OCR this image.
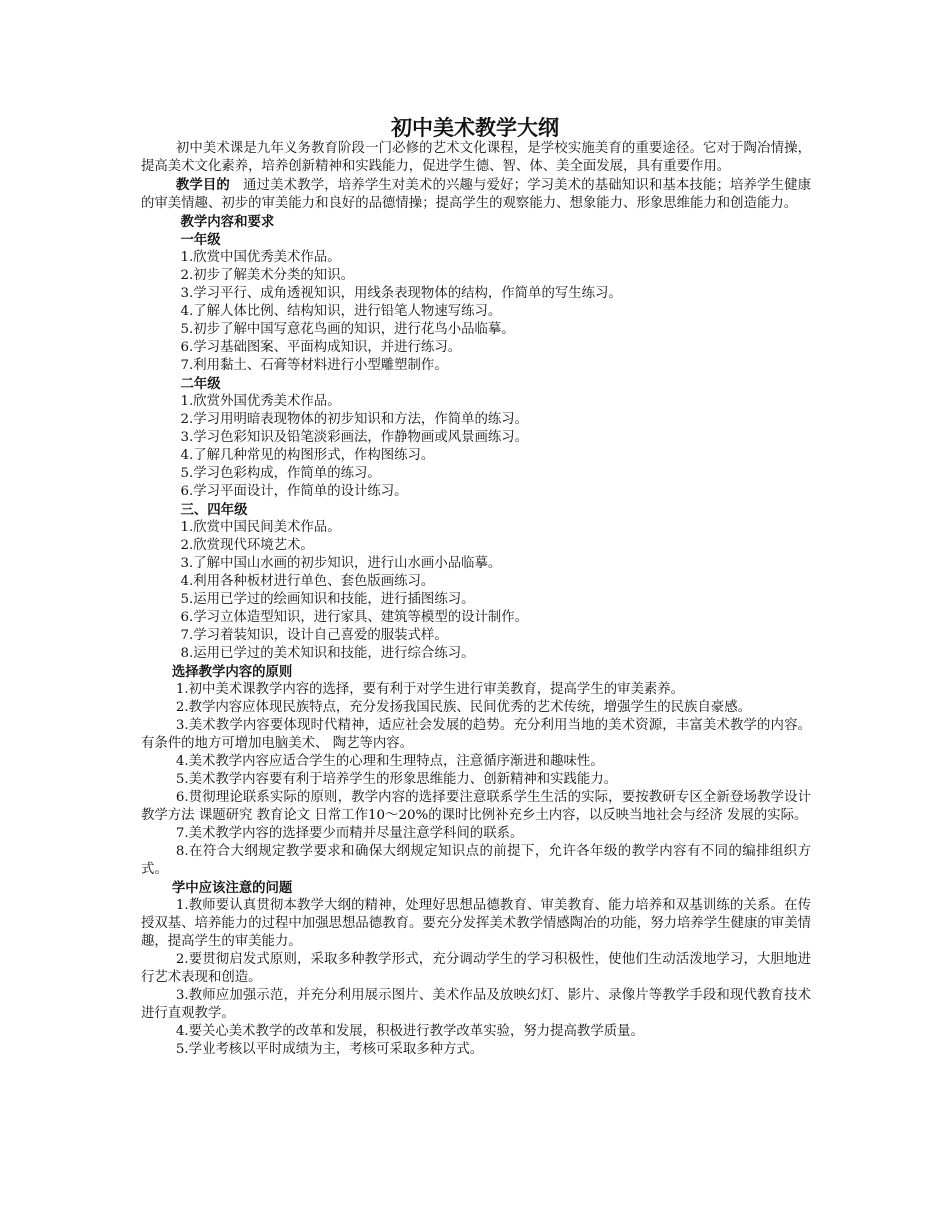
初中美术教学大纲

初中美术课是九年义务教育阶段一门必修的艺术文化课程，是学校实施美育的重要途径。它对于陶冶情操，提高美术文化素养，培养创新精神和实践能力，促进学生德、智、体、美全面发展，具有重要作用。

教学目的 通过美术教学，培养学生对美术的兴趣与爱好；学习美术的基础知识和基本技能；培养学生健康的审美情趣、初步的审美能力和良好的品德情操；提高学生的观察能力、想象能力、形象思维能力和创造能力。

教学内容和要求

一年级

1.欣赏中国优秀美术作品。

2.初步了解美术分类的知识。

3.学习平行、成角透视知识，用线条表现物体的结构，作简单的写生练习。

4.了解人体比例、结构知识，进行铅笔人物速写练习。

5.初步了解中国写意花鸟画的知识，进行花鸟小品临摹。

6.学习基础图案、平面构成知识，并进行练习。

7.利用黏土、石膏等材料进行小型雕塑制作。

二年级

1.欣赏外国优秀美术作品。

2.学习用明暗表现物体的初步知识和方法，作简单的练习。

3.学习色彩知识及铅笔淡彩画法，作静物画或风景画练习。

4.了解几种常见的构图形式，作构图练习。

5.学习色彩构成，作简单的练习。

6.学习平面设计，作简单的设计练习。

三、四年级

1.欣赏中国民间美术作品。

2.欣赏现代环境艺术。

3.了解中国山水画的初步知识，进行山水画小品临摹。

4.利用各种板材进行单色、套色版画练习。

5.运用已学过的绘画知识和技能，进行插图练习。

6.学习立体造型知识，进行家具、建筑等模型的设计制作。

7.学习着装知识，设计自己喜爱的服装式样。

8.运用已学过的美术知识和技能，进行综合练习。

选择教学内容的原则

1.初中美术课教学内容的选择，要有利于对学生进行审美教育，提高学生的审美素养。

2.教学内容应体现民族特点，充分发扬我国民族、民间优秀的艺术传统，增强学生的民族自豪感。

3.美术教学内容要体现时代精神，适应社会发展的趋势。充分利用当地的美术资源，丰富美术教学的内容。有条件的地方可增加电脑美术、 陶艺等内容。

4.美术教学内容应适合学生的心理和生理特点，注意循序渐进和趣味性。

5.美术教学内容要有利于培养学生的形象思维能力、创新精神和实践能力。

6.贯彻理论联系实际的原则，教学内容的选择要注意联系学生生活的实际，要按教研专区全新登场教学设计 教学方法 课题研究 教育论文 日常工作10～20%的课时比例补充乡土内容，以反映当地社会与经济 发展的实际。

7.美术教学内容的选择要少而精并尽量注意学科间的联系。

8.在符合大纲规定教学要求和确保大纲规定知识点的前提下，允许各年级的教学内容有不同的编排组织方式。

学中应该注意的问题

1.教师要认真贯彻本教学大纲的精神，处理好思想品德教育、审美教育、能力培养和双基训练的关系。在传授双基、培养能力的过程中加强思想品德教育。要充分发挥美术教学情感陶冶的功能，努力培养学生健康的审美情趣，提高学生的审美能力。

2.要贯彻启发式原则，采取多种教学形式，充分调动学生的学习积极性，使他们生动活泼地学习，大胆地进行艺术表现和创造。

3.教师应加强示范，并充分利用展示图片、美术作品及放映幻灯、影片、录像片等教学手段和现代教育技术进行直观教学。

4.要关心美术教学的改革和发展，积极进行教学改革实验，努力提高教学质量。

5.学业考核以平时成绩为主，考核可采取多种方式。
